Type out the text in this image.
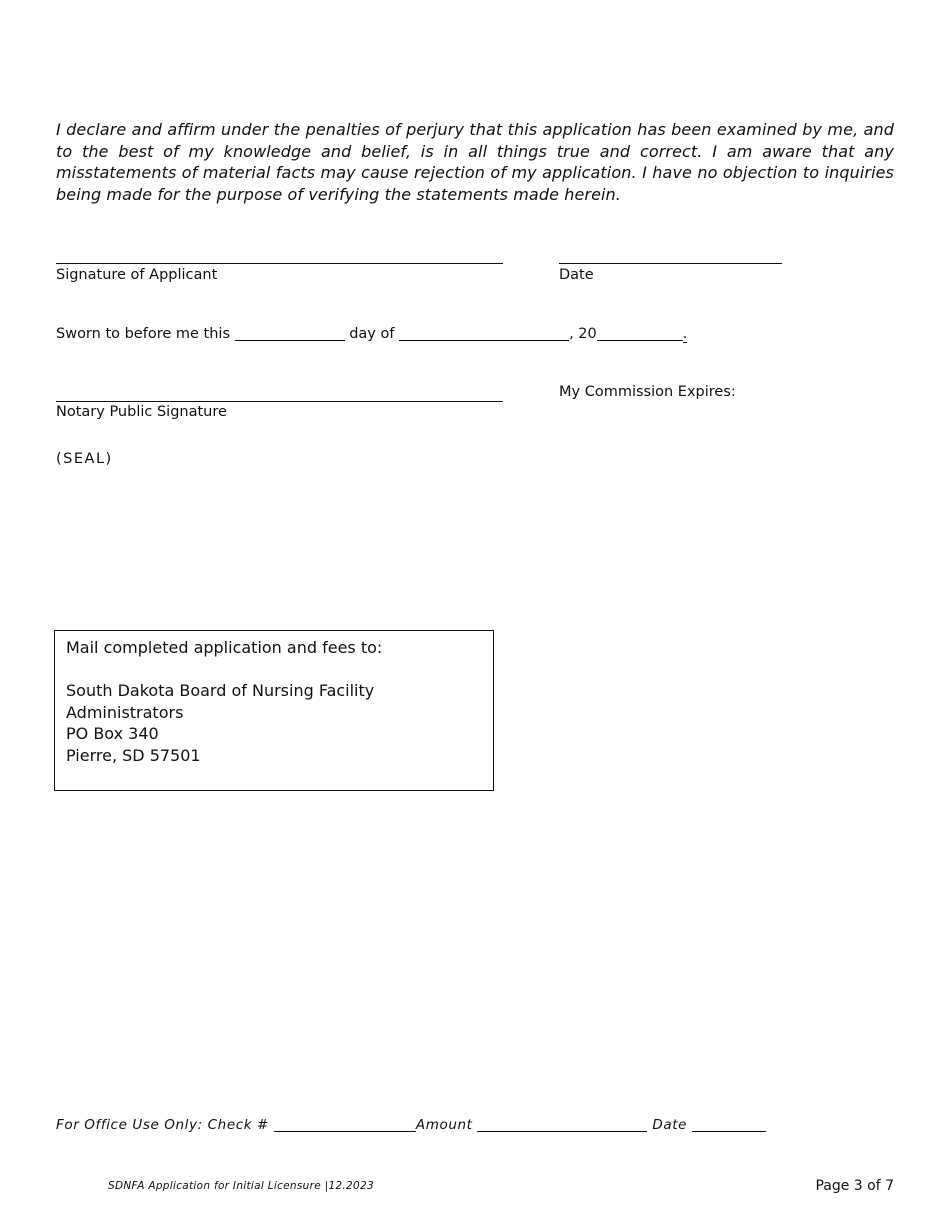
I declare and affirm under the penalties of perjury that this application has been examined by me, and to the best of my knowledge and belief, is in all things true and correct. I am aware that any misstatements of material facts may cause rejection of my application. I have no objection to inquiries being made for the purpose of verifying the statements made herein.
Signature of Applicant	Date
Sworn to before me this	day of	, 20	.
Notary Public Signature
My Commission Expires:
(SEAL)
Mail completed application and fees to:
South Dakota Board of Nursing Facility Administrators
PO Box 340
Pierre, SD 57501
For Office Use Only: Check #	Amount	Date
SDNFA Application for Initial Licensure |12.2023	Page 3 of 7
